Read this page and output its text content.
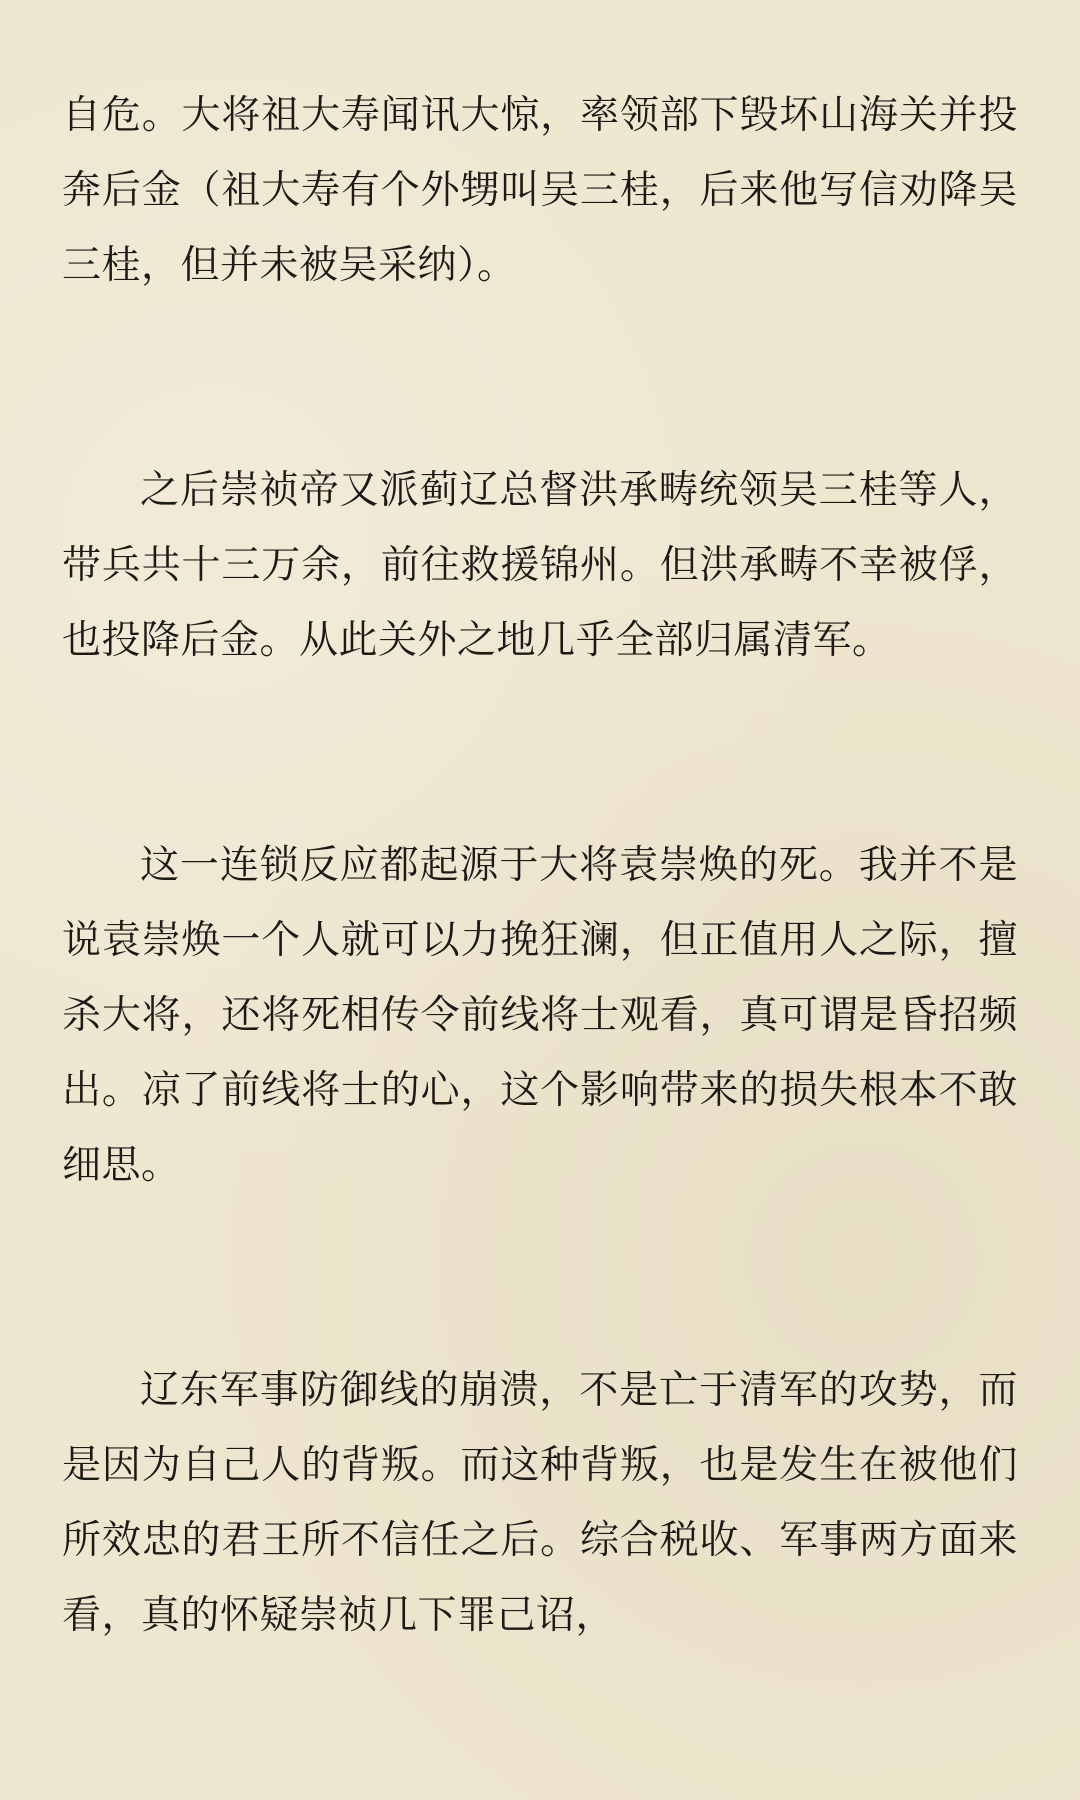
自危。大将祖大寿闻讯大惊，率领部下毁坏山海关并投奔后金（祖大寿有个外甥叫吴三桂，后来他写信劝降吴三桂，但并未被吴采纳）。

之后崇祯帝又派蓟辽总督洪承畴统领吴三桂等人，带兵共十三万余，前往救援锦州。但洪承畴不幸被俘，也投降后金。从此关外之地几乎全部归属清军。

这一连锁反应都起源于大将袁崇焕的死。我并不是说袁崇焕一个人就可以力挽狂澜，但正值用人之际，擅杀大将，还将死相传令前线将士观看，真可谓是昏招频出。凉了前线将士的心，这个影响带来的损失根本不敢细思。

辽东军事防御线的崩溃，不是亡于清军的攻势，而是因为自己人的背叛。而这种背叛，也是发生在被他们所效忠的君王所不信任之后。综合税收、军事两方面来看，真的怀疑崇祯几下罪己诏，
